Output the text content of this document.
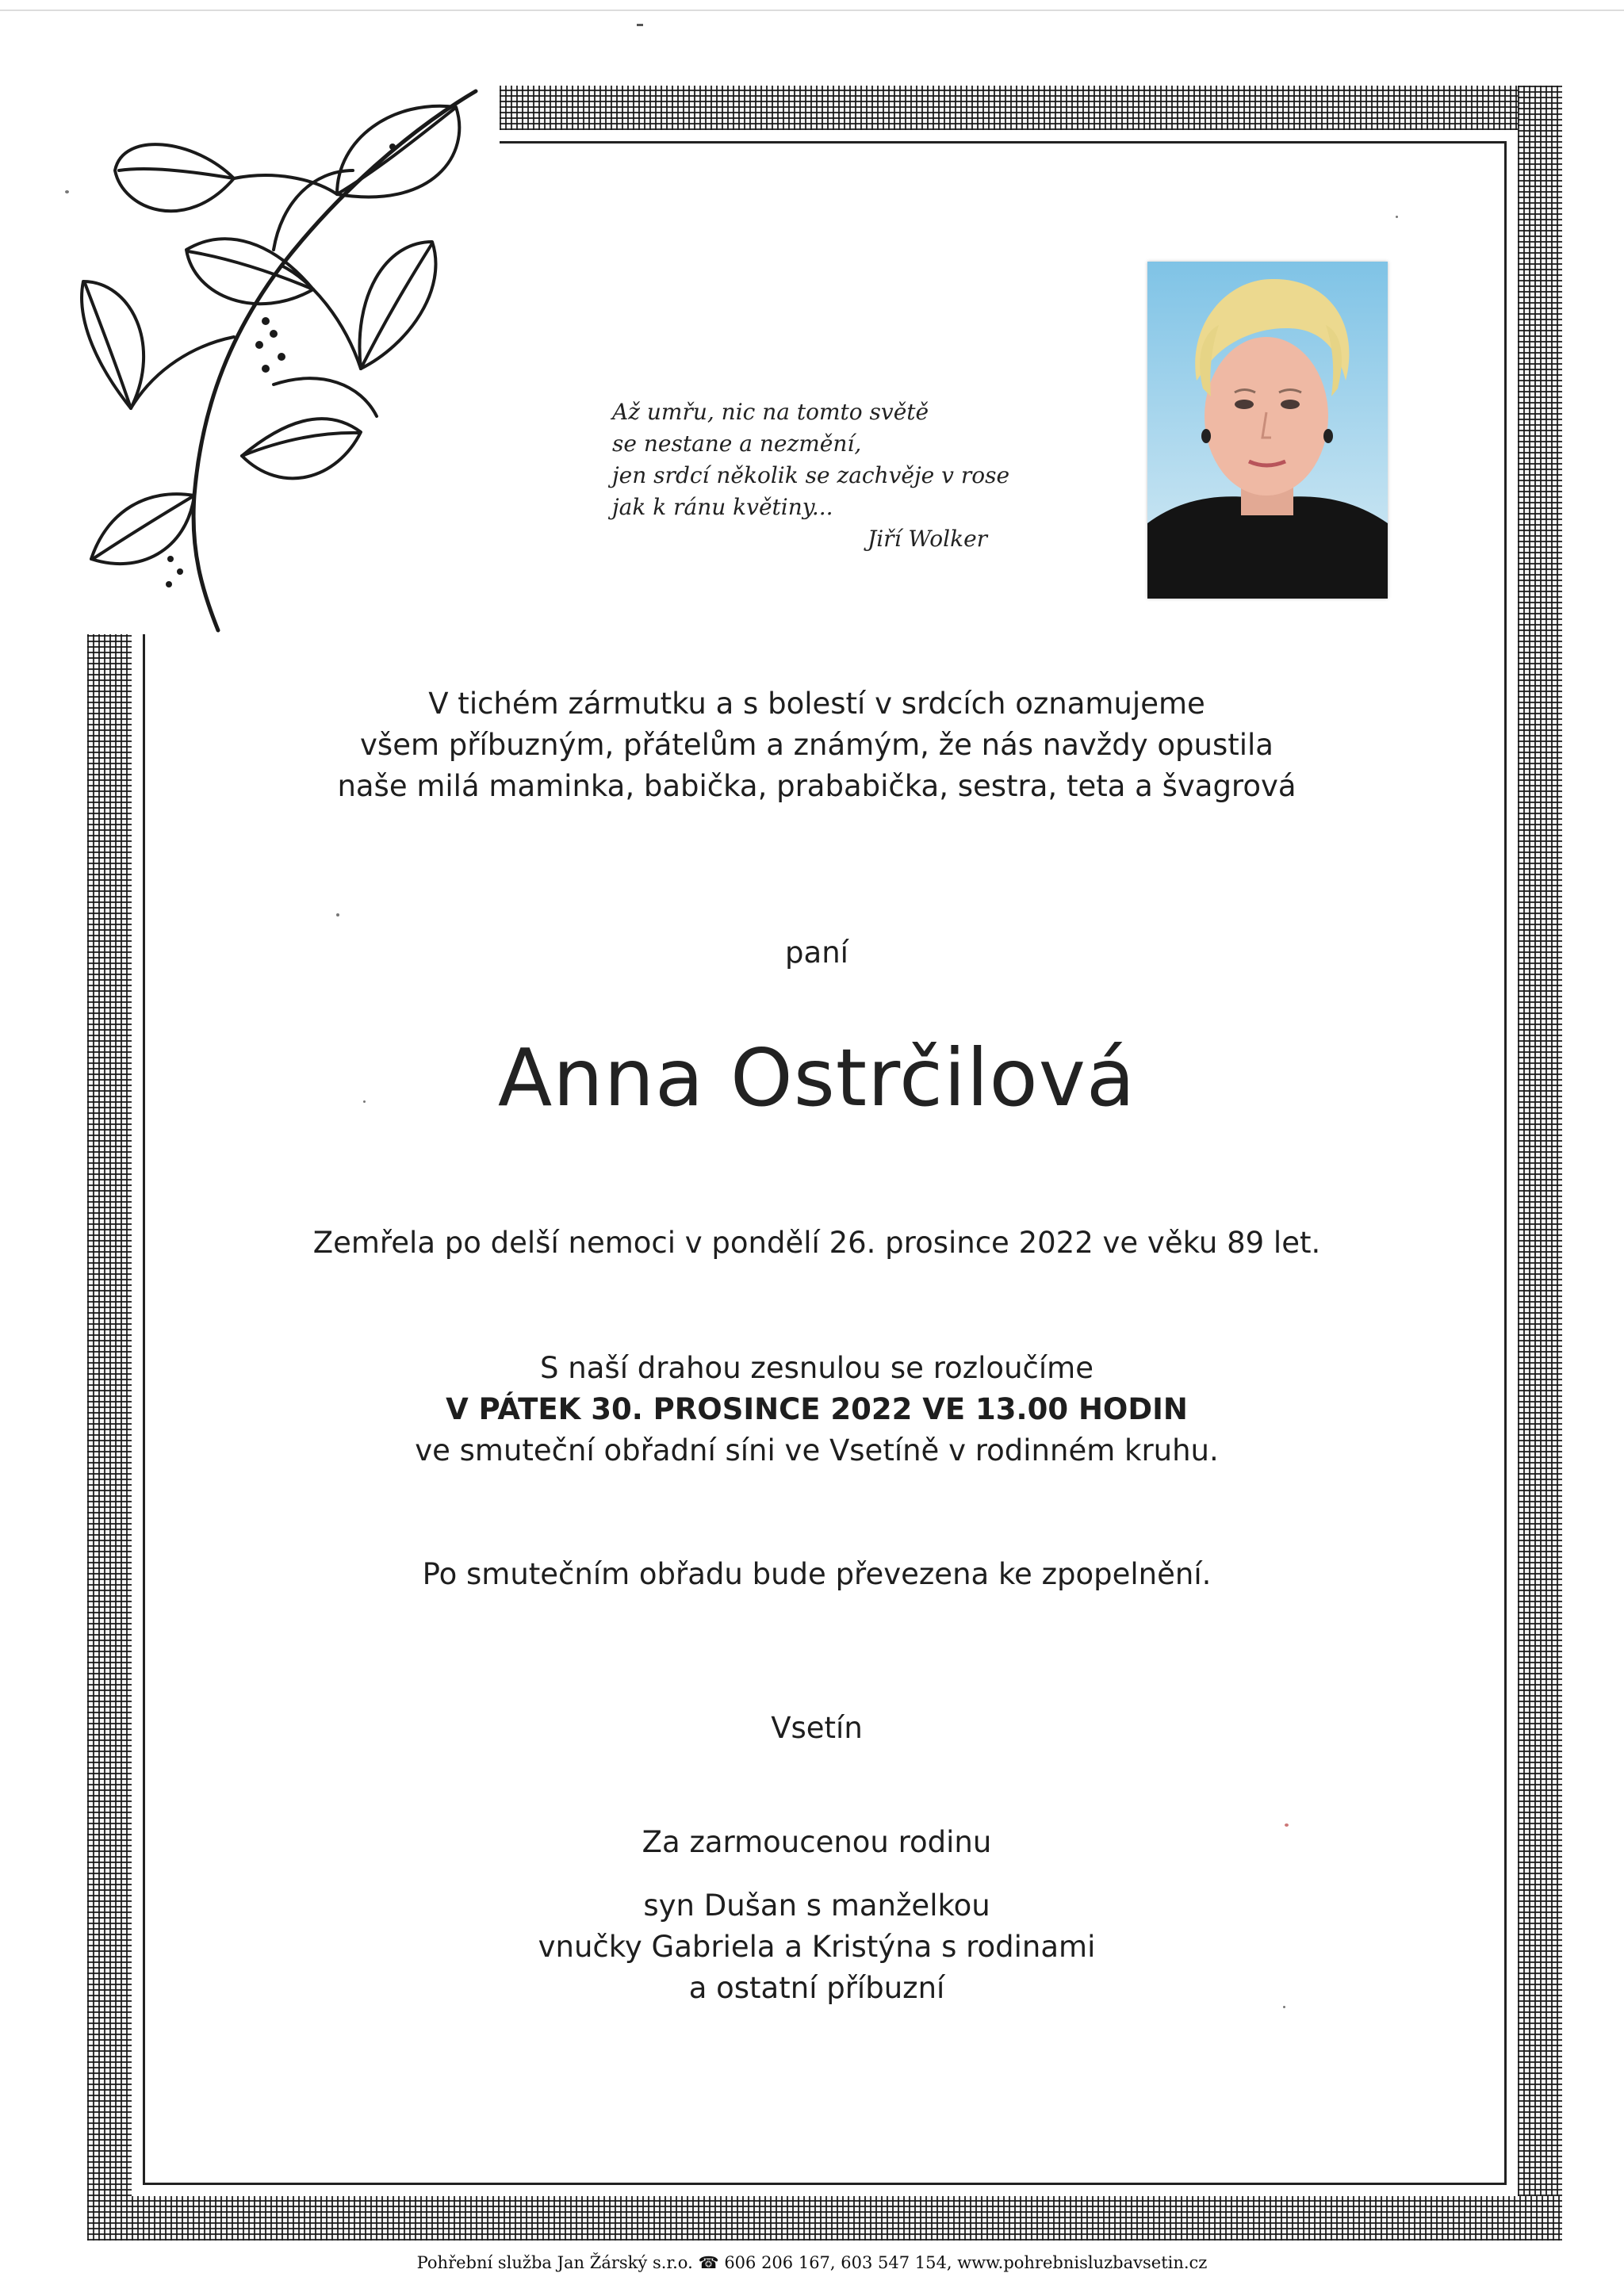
Až umřu, nic na tomto světě
se nestane a nezmění,
jen srdcí několik se zachvěje v rose
jak k ránu květiny...
Jiří Wolker
V tichém zármutku a s bolestí v srdcích oznamujeme
všem příbuzným, přátelům a známým, že nás navždy opustila
naše milá maminka, babička, prababička, sestra, teta a švagrová
paní
Anna Ostrčilová
Zemřela po delší nemoci v pondělí 26. prosince 2022 ve věku 89 let.
S naší drahou zesnulou se rozloučíme
V PÁTEK 30. PROSINCE 2022 VE 13.00 HODIN
ve smuteční obřadní síni ve Vsetíně v rodinném kruhu.
Po smutečním obřadu bude převezena ke zpopelnění.
Vsetín
Za zarmoucenou rodinu
syn Dušan s manželkou
vnučky Gabriela a Kristýna s rodinami
a ostatní příbuzní
Pohřební služba Jan Žárský s.r.o. ☎ 606 206 167, 603 547 154, www.pohrebnisluzbavsetin.cz
